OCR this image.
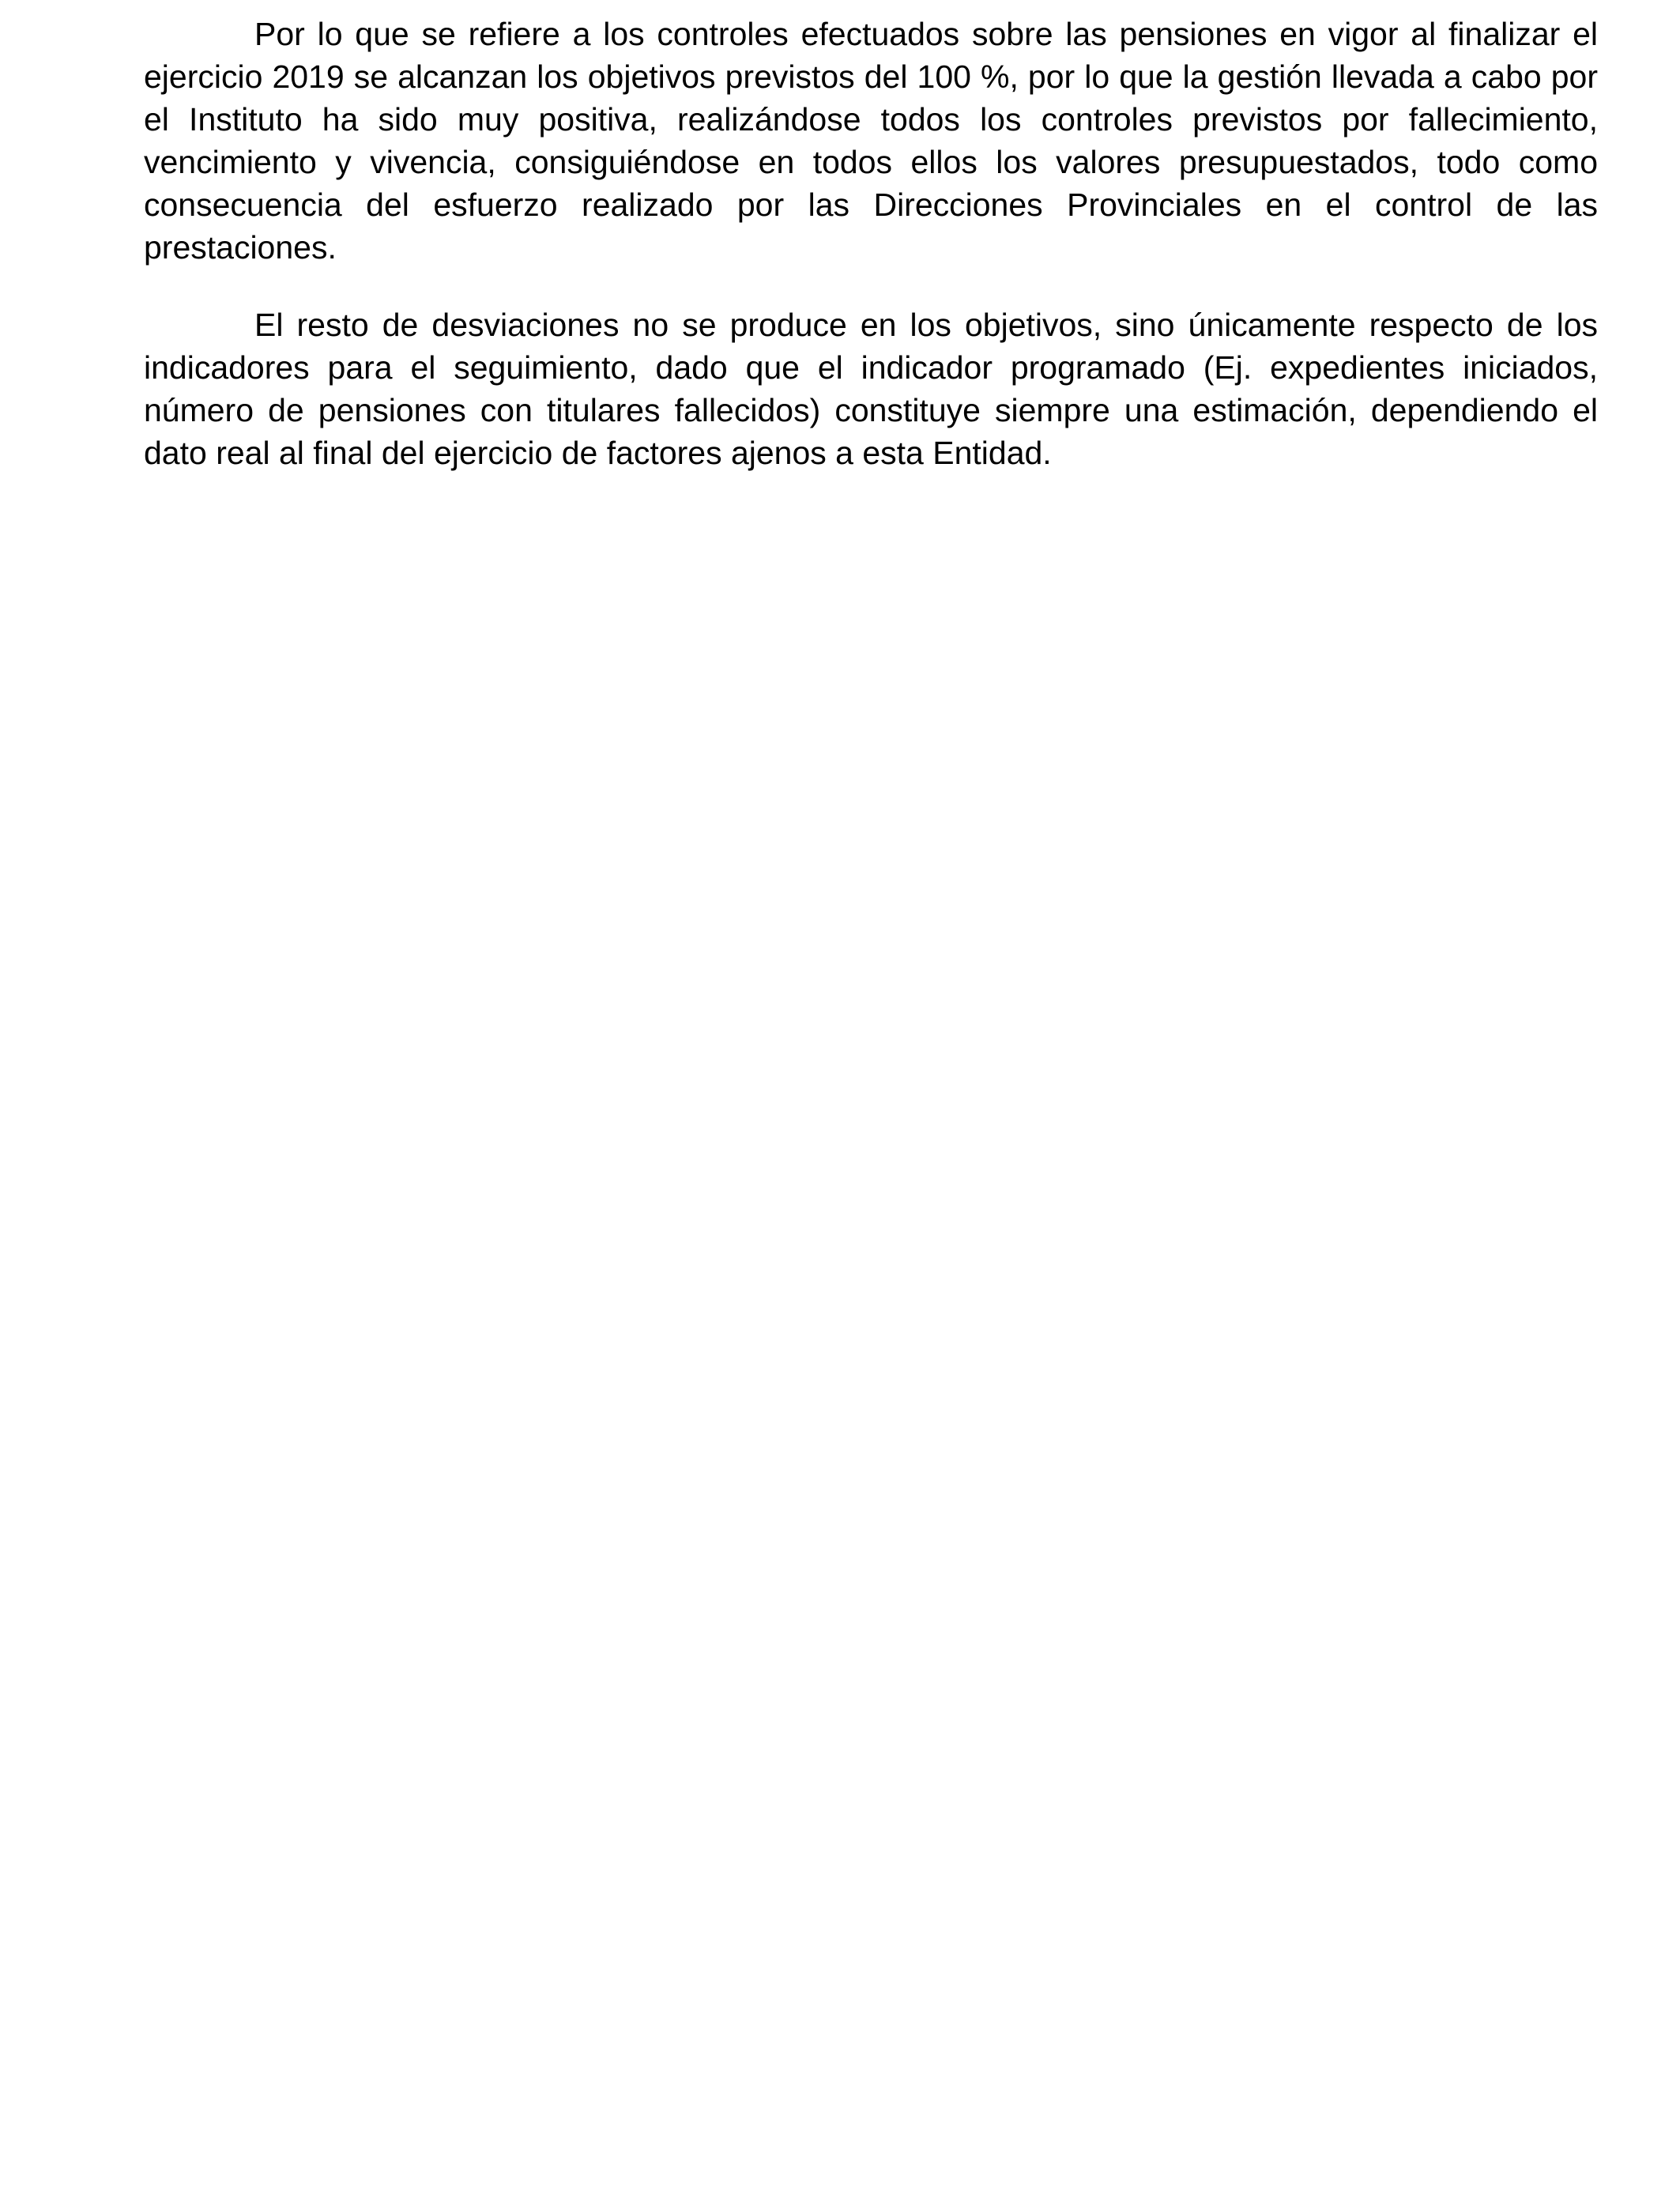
Por lo que se refiere a los controles efectuados sobre las pensiones en vigor al finalizar el ejercicio 2019 se alcanzan los objetivos previstos del 100 %, por lo que la gestión llevada a cabo por el Instituto ha sido muy positiva, realizándose todos los controles previstos por fallecimiento, vencimiento y vivencia, consiguiéndose en todos ellos los valores presupuestados, todo como consecuencia del esfuerzo realizado por las Direcciones Provinciales en el control de las prestaciones.

El resto de desviaciones no se produce en los objetivos, sino únicamente respecto de los indicadores para el seguimiento, dado que el indicador programado (Ej. expedientes iniciados, número de pensiones con titulares fallecidos) constituye siempre una estimación, dependiendo el dato real al final del ejercicio de factores ajenos a esta Entidad.
